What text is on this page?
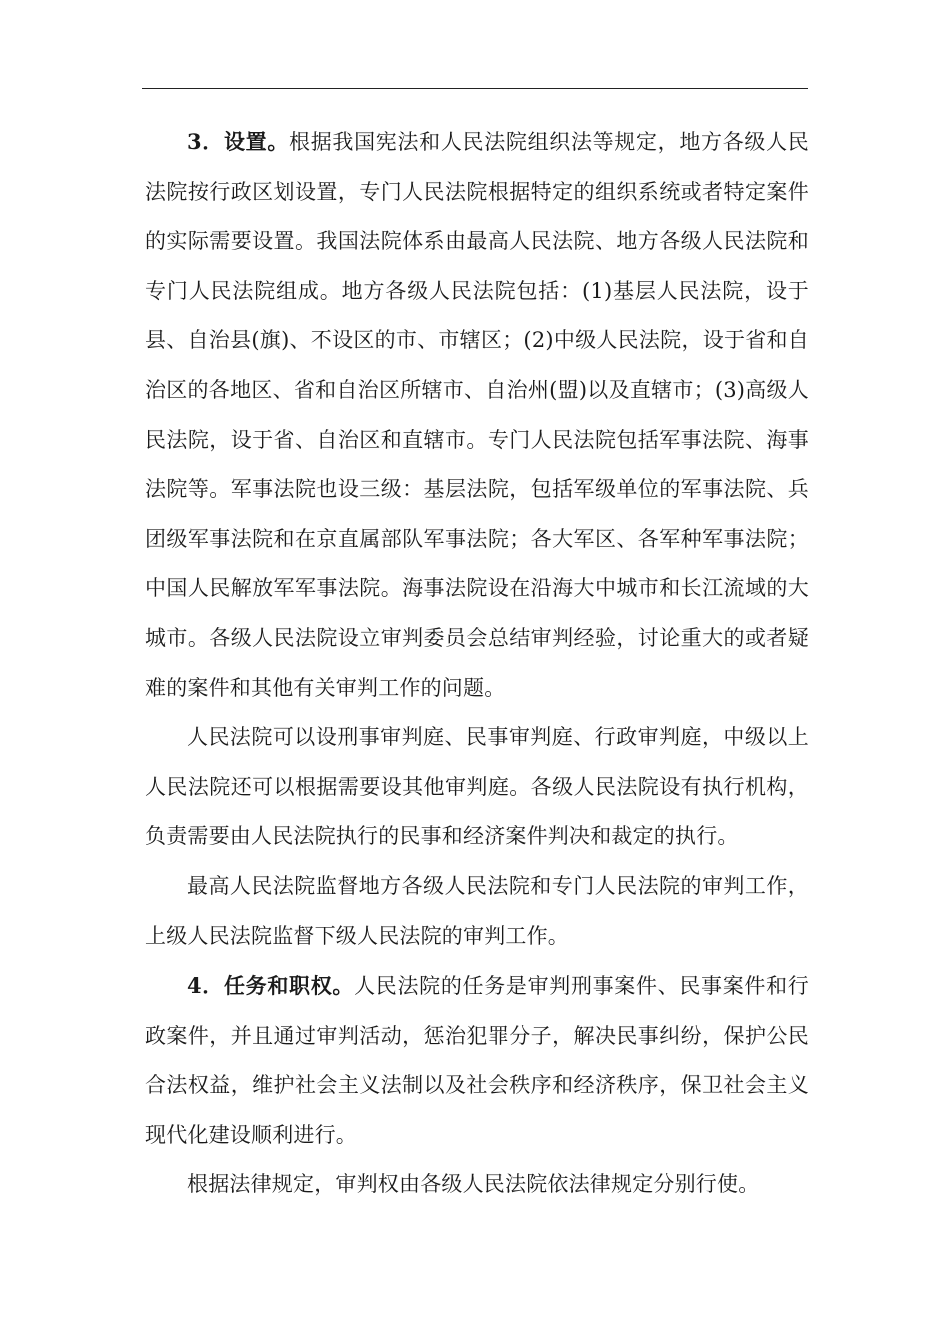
3．设置。根据我国宪法和人民法院组织法等规定，地方各级人民法院按行政区划设置，专门人民法院根据特定的组织系统或者特定案件的实际需要设置。我国法院体系由最高人民法院、地方各级人民法院和专门人民法院组成。地方各级人民法院包括：(1)基层人民法院，设于县、自治县(旗)、不设区的市、市辖区；(2)中级人民法院，设于省和自治区的各地区、省和自治区所辖市、自治州(盟)以及直辖市；(3)高级人民法院，设于省、自治区和直辖市。专门人民法院包括军事法院、海事法院等。军事法院也设三级：基层法院，包括军级单位的军事法院、兵团级军事法院和在京直属部队军事法院；各大军区、各军种军事法院；中国人民解放军军事法院。海事法院设在沿海大中城市和长江流域的大城市。各级人民法院设立审判委员会总结审判经验，讨论重大的或者疑难的案件和其他有关审判工作的问题。

人民法院可以设刑事审判庭、民事审判庭、行政审判庭，中级以上人民法院还可以根据需要设其他审判庭。各级人民法院设有执行机构，负责需要由人民法院执行的民事和经济案件判决和裁定的执行。

最高人民法院监督地方各级人民法院和专门人民法院的审判工作，上级人民法院监督下级人民法院的审判工作。

4．任务和职权。人民法院的任务是审判刑事案件、民事案件和行政案件，并且通过审判活动，惩治犯罪分子，解决民事纠纷，保护公民合法权益，维护社会主义法制以及社会秩序和经济秩序，保卫社会主义现代化建设顺利进行。

根据法律规定，审判权由各级人民法院依法律规定分别行使。
